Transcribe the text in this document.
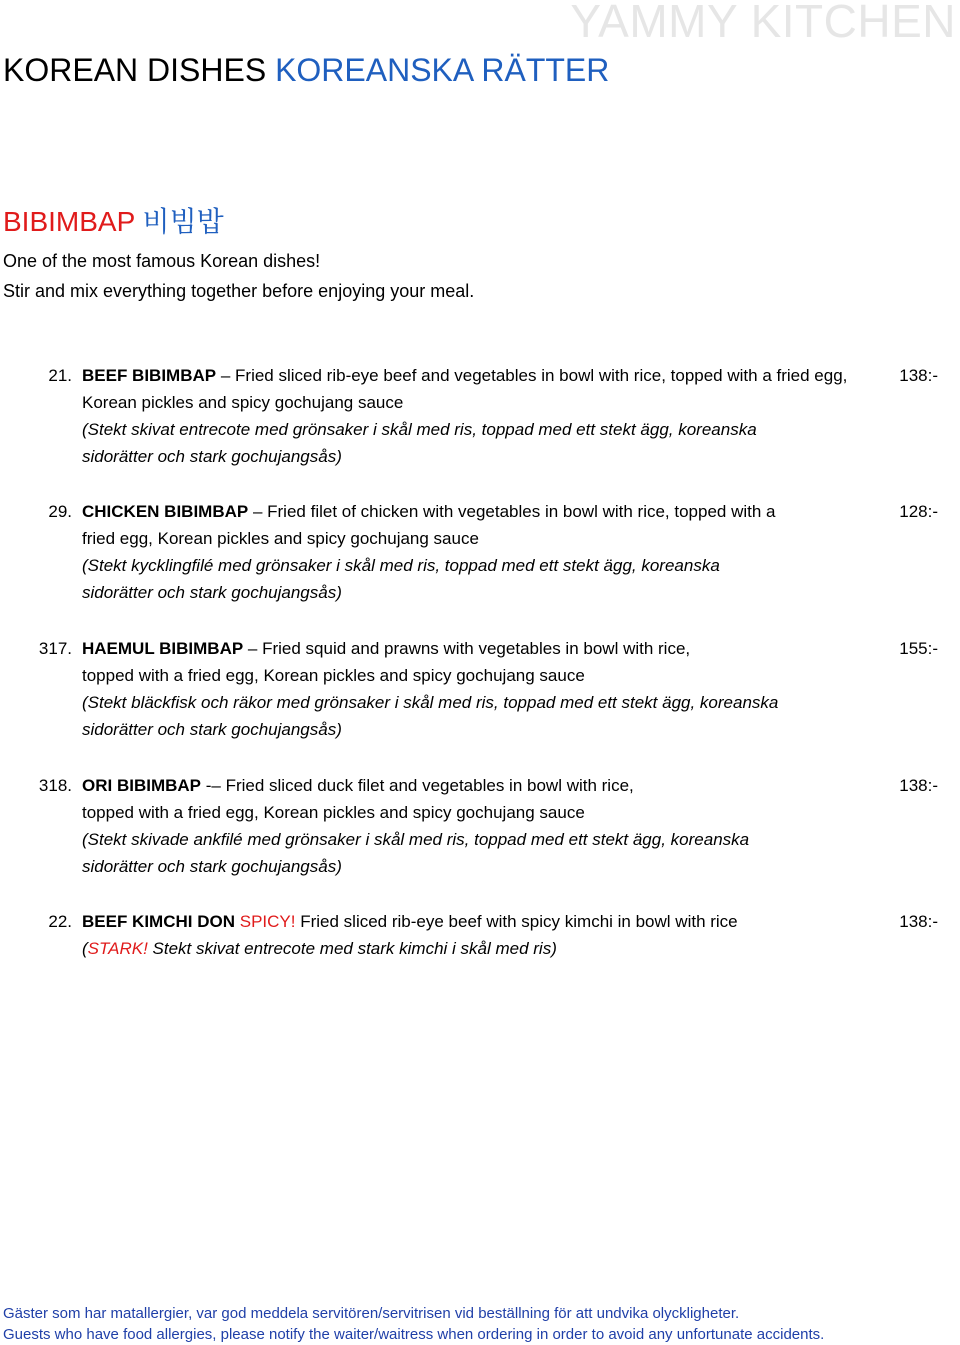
YAMMY KITCHEN
KOREAN DISHES KOREANSKA RÄTTER
BIBIMBAP 비빔밥
One of the most famous Korean dishes!
Stir and mix everything together before enjoying your meal.
21. BEEF BIBIMBAP – Fried sliced rib-eye beef and vegetables in bowl with rice, topped with a fried egg,
Korean pickles and spicy gochujang sauce
(Stekt skivat entrecote med grönsaker i skål med ris, toppad med ett stekt ägg, koreanska
sidorätter och stark gochujangsås)
138:-
29. CHICKEN BIBIMBAP – Fried filet of chicken with vegetables in bowl with rice, topped with a
fried egg, Korean pickles and spicy gochujang sauce
(Stekt kycklingfilé med grönsaker i skål med ris, toppad med ett stekt ägg, koreanska
sidorätter och stark gochujangsås)
128:-
317. HAEMUL BIBIMBAP – Fried squid and prawns with vegetables in bowl with rice,
topped with a fried egg, Korean pickles and spicy gochujang sauce
(Stekt bläckfisk och räkor med grönsaker i skål med ris, toppad med ett stekt ägg, koreanska
sidorätter och stark gochujangsås)
155:-
318. ORI BIBIMBAP -– Fried sliced duck filet and vegetables in bowl with rice,
topped with a fried egg, Korean pickles and spicy gochujang sauce
(Stekt skivade ankfilé med grönsaker i skål med ris, toppad med ett stekt ägg, koreanska
sidorätter och stark gochujangsås)
138:-
22. BEEF KIMCHI DON SPICY! Fried sliced rib-eye beef with spicy kimchi in bowl with rice
(STARK! Stekt skivat entrecote med stark kimchi i skål med ris)
138:-
Gäster som har matallergier, var god meddela servitören/servitrisen vid beställning för att undvika olyckligheter.
Guests who have food allergies, please notify the waiter/waitress when ordering in order to avoid any unfortunate accidents.
